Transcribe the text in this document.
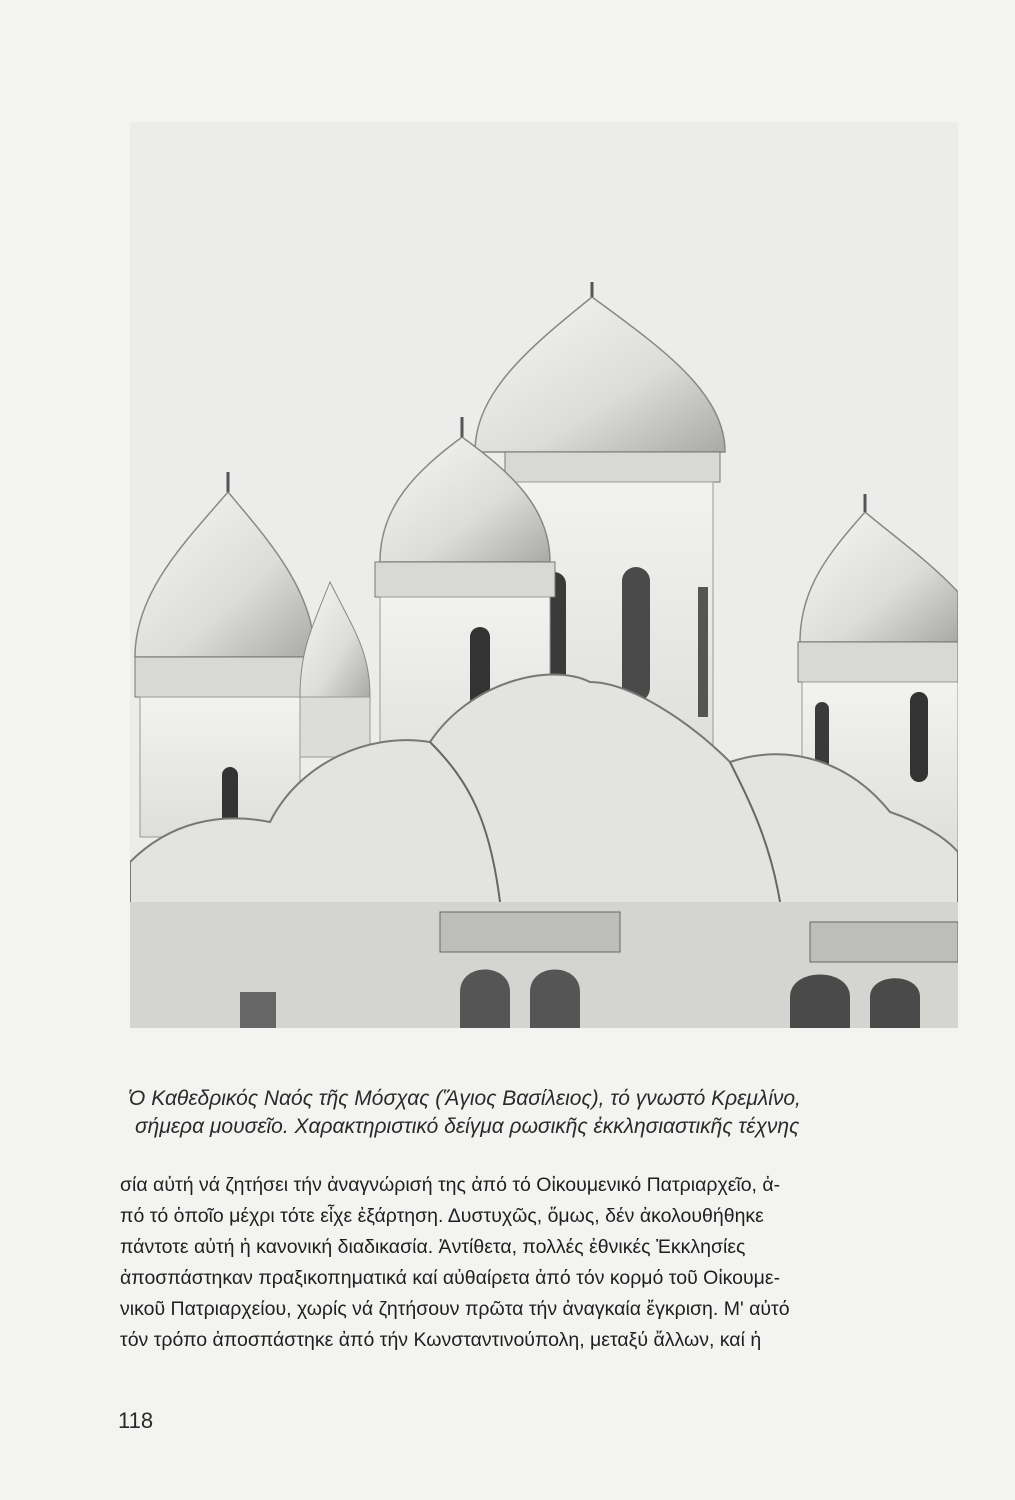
Ὁ Καθεδρικός Ναός τῆς Μόσχας (Ἅγιος Βασίλειος), τό γνωστό Κρεμλίνο,

σήμερα μουσεῖο. Χαρακτηριστικό δείγμα ρωσικῆς ἐκκλησιαστικῆς τέχνης

σία αὐτή νά ζητήσει τήν ἀναγνώρισή της ἀπό τό Οἰκουμενικό Πατριαρχεῖο, ἀ-

πό τό ὁποῖο μέχρι τότε εἶχε ἐξάρτηση. Δυστυχῶς, ὅμως, δέν ἀκολουθήθηκε

πάντοτε αὐτή ἡ κανονική διαδικασία. Ἀντίθετα, πολλές ἐθνικές Ἐκκλησίες

ἀποσπάστηκαν πραξικοπηματικά καί αὐθαίρετα ἀπό τόν κορμό τοῦ Οἰκουμε-

νικοῦ Πατριαρχείου, χωρίς νά ζητήσουν πρῶτα τήν ἀναγκαία ἔγκριση. Μ' αὐτό

τόν τρόπο ἀποσπάστηκε ἀπό τήν Κωνσταντινούπολη, μεταξύ ἄλλων, καί ἡ

118
